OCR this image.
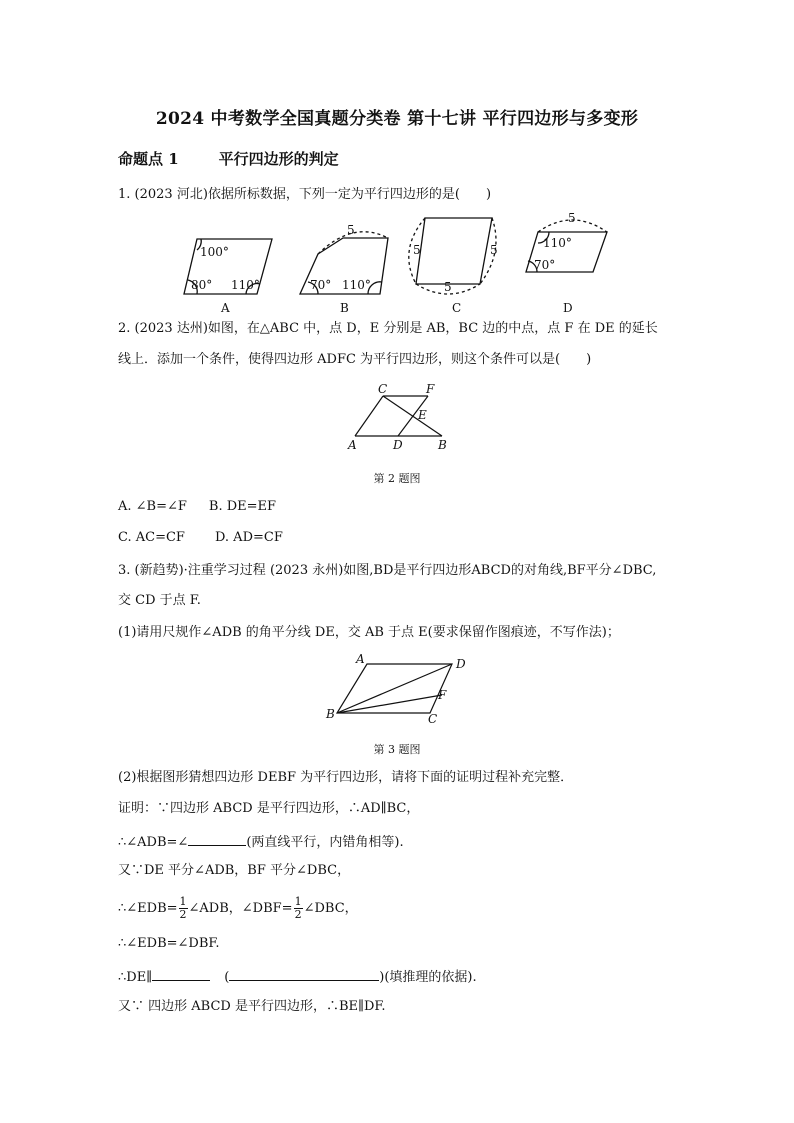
2024 中考数学全国真题分类卷 第十七讲 平行四边形与多变形
命题点 1	平行四边形的判定
1. (2023 河北)依据所标数据，下列一定为平行四边形的是(　　)
100°
80° 110°
A
5
70° 110°
B
5	5
5
C
5
110°
70°
D
2. (2023 达州)如图，在△ABC 中，点 D，E 分别是 AB，BC 边的中点，点 F 在 DE 的延长
线上．添加一个条件，使得四边形 ADFC 为平行四边形，则这个条件可以是(　　)
C	F
E
A	D	B
第 2 题图
A. ∠B=∠F B. DE=EF
C. AC=CF D. AD=CF
3. (新趋势)·注重学习过程 (2023 永州)如图,BD是平行四边形ABCD的对角线,BF平分∠DBC,
交 CD 于点 F.
(1)请用尺规作∠ADB 的角平分线 DE，交 AB 于点 E(要求保留作图痕迹，不写作法)；
A	D
F
B	C
第 3 题图
(2)根据图形猜想四边形 DEBF 为平行四边形，请将下面的证明过程补充完整．
证明：∵四边形 ABCD 是平行四边形，∴AD∥BC，
∴∠ADB=∠	(两直线平行，内错角相等).
又∵DE 平分∠ADB，BF 平分∠DBC，
∴∠EDB= $\frac{1}{2}$ ∠ADB，∠DBF= $\frac{1}{2}$ ∠DBC，
∴∠EDB=∠DBF.
∴DE∥	(	)(填推理的依据).
又∵ 四边形 ABCD 是平行四边形，∴BE∥DF.
